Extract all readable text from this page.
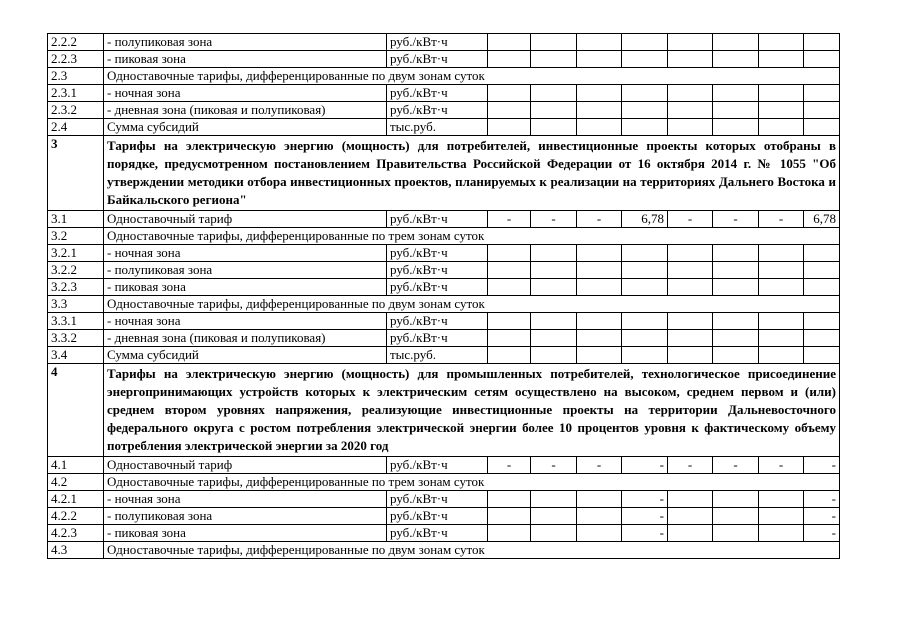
2.2.2	- полупиковая зона	руб./кВт·ч								
2.2.3	- пиковая зона	руб./кВт·ч								
2.3	Одноставочные тарифы, дифференцированные по двум зонам суток									
2.3.1	- ночная зона	руб./кВт·ч								
2.3.2	- дневная зона (пиковая и полупиковая)	руб./кВт·ч								
2.4	Сумма субсидий	тыс.руб.								
3	Тарифы на электрическую энергию (мощность) для потребителей, инвестиционные проекты которых отобраны в порядке, предусмотренном постановлением Правительства Российской Федерации от 16 октября 2014 г. № 1055 "Об утверждении методики отбора инвестиционных проектов, планируемых к реализации на территориях Дальнего Востока и Байкальского региона"									
3.1	Одноставочный тариф	руб./кВт·ч	-	-	-	6,78	-	-	-	6,78
3.2	Одноставочные тарифы, дифференцированные по трем зонам суток									
3.2.1	- ночная зона	руб./кВт·ч								
3.2.2	- полупиковая зона	руб./кВт·ч								
3.2.3	- пиковая зона	руб./кВт·ч								
3.3	Одноставочные тарифы, дифференцированные по двум зонам суток									
3.3.1	- ночная зона	руб./кВт·ч								
3.3.2	- дневная зона (пиковая и полупиковая)	руб./кВт·ч								
3.4	Сумма субсидий	тыс.руб.								
4	Тарифы на электрическую энергию (мощность) для промышленных потребителей, технологическое присоединение энергопринимающих устройств которых к электрическим сетям осуществлено на высоком, среднем первом и (или) среднем втором уровнях напряжения, реализующие инвестиционные проекты на территории Дальневосточного федерального округа с ростом потребления электрической энергии более 10 процентов уровня к фактическому объему потребления электрической энергии за 2020 год									
4.1	Одноставочный тариф	руб./кВт·ч	-	-	-	-	-	-	-	-
4.2	Одноставочные тарифы, дифференцированные по трем зонам суток									
4.2.1	- ночная зона	руб./кВт·ч				-				-
4.2.2	- полупиковая зона	руб./кВт·ч				-				-
4.2.3	- пиковая зона	руб./кВт·ч				-				-
4.3	Одноставочные тарифы, дифференцированные по двум зонам суток									
